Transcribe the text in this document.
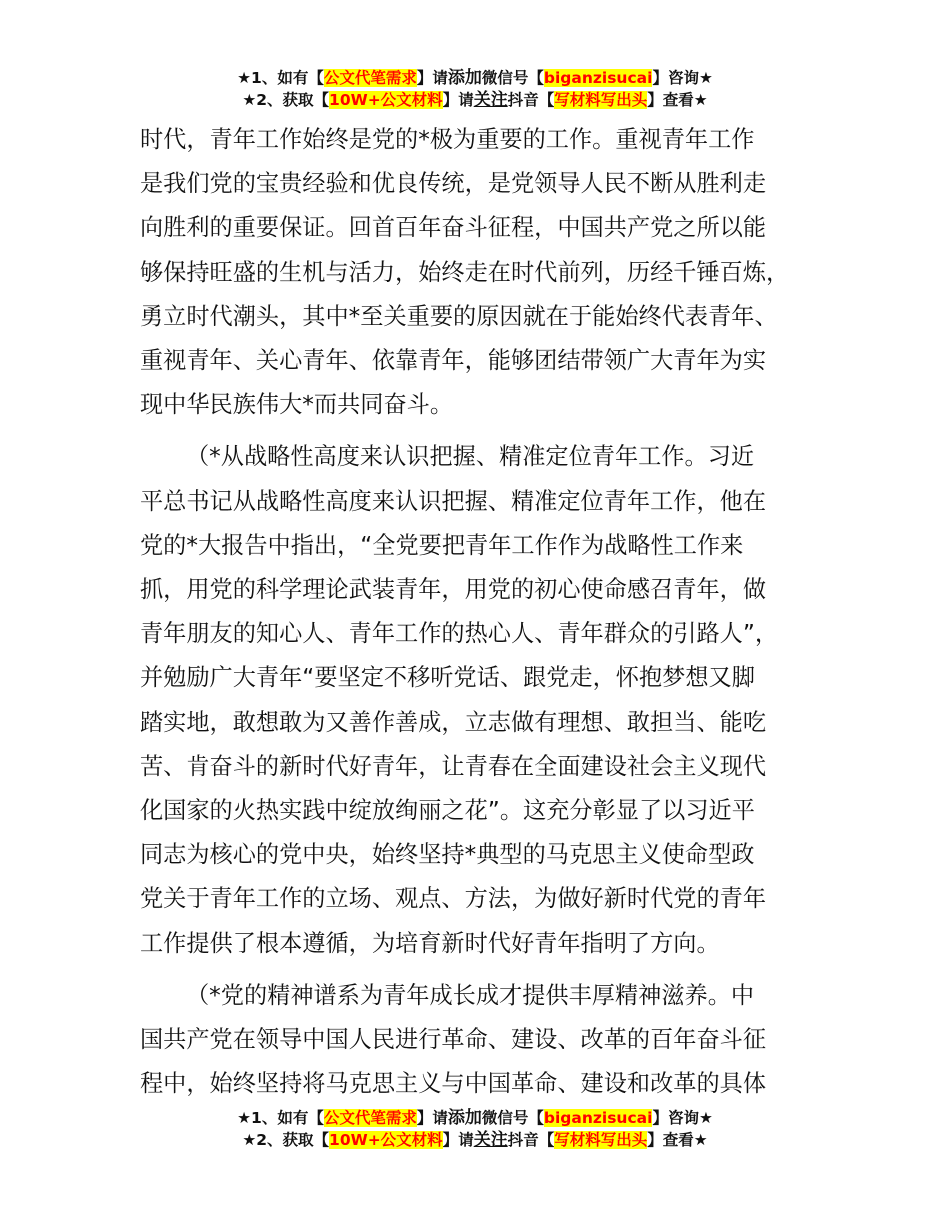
★1、如有【公文代笔需求】请添加微信号【biganzisucai】咨询★
★2、获取【10W+公文材料】请关注抖音【写材料写出头】查看★

时代，青年工作始终是党的*极为重要的工作。重视青年工作
是我们党的宝贵经验和优良传统，是党领导人民不断从胜利走
向胜利的重要保证。回首百年奋斗征程，中国共产党之所以能
够保持旺盛的生机与活力，始终走在时代前列，历经千锤百炼，
勇立时代潮头，其中*至关重要的原因就在于能始终代表青年、
重视青年、关心青年、依靠青年，能够团结带领广大青年为实
现中华民族伟大*而共同奋斗。

（*从战略性高度来认识把握、精准定位青年工作。习近
平总书记从战略性高度来认识把握、精准定位青年工作，他在
党的*大报告中指出，“全党要把青年工作作为战略性工作来
抓，用党的科学理论武装青年，用党的初心使命感召青年，做
青年朋友的知心人、青年工作的热心人、青年群众的引路人”，
并勉励广大青年“要坚定不移听党话、跟党走，怀抱梦想又脚
踏实地，敢想敢为又善作善成，立志做有理想、敢担当、能吃
苦、肯奋斗的新时代好青年，让青春在全面建设社会主义现代
化国家的火热实践中绽放绚丽之花”。这充分彰显了以习近平
同志为核心的党中央，始终坚持*典型的马克思主义使命型政
党关于青年工作的立场、观点、方法，为做好新时代党的青年
工作提供了根本遵循，为培育新时代好青年指明了方向。

（*党的精神谱系为青年成长成才提供丰厚精神滋养。中
国共产党在领导中国人民进行革命、建设、改革的百年奋斗征
程中，始终坚持将马克思主义与中国革命、建设和改革的具体

★1、如有【公文代笔需求】请添加微信号【biganzisucai】咨询★
★2、获取【10W+公文材料】请关注抖音【写材料写出头】查看★
